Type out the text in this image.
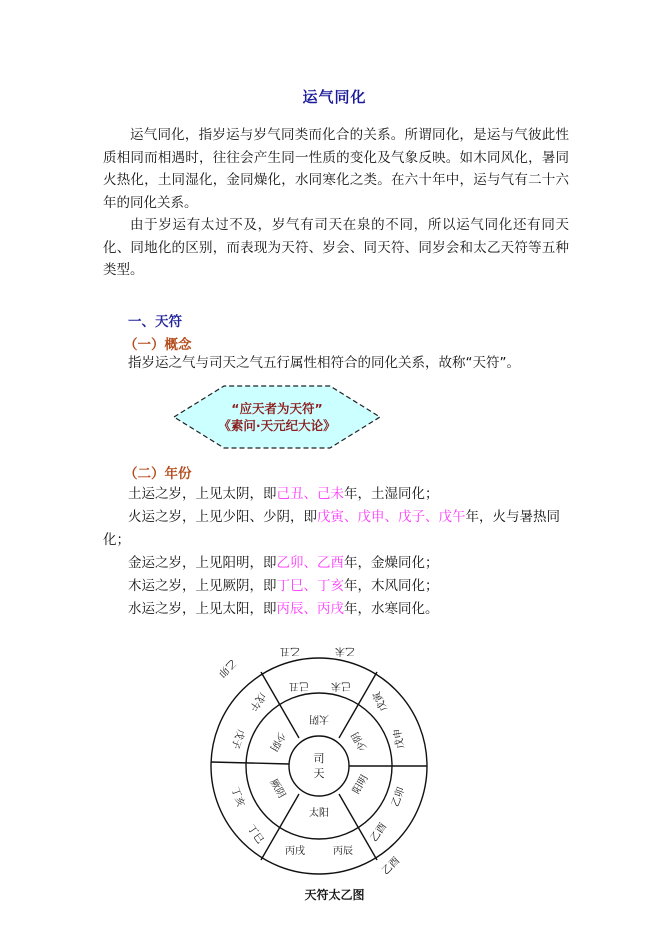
运气同化

运气同化，指岁运与岁气同类而化合的关系。所谓同化，是运与气彼此性质相同而相遇时，往往会产生同一性质的变化及气象反映。如木同风化，暑同火热化，土同湿化，金同燥化，水同寒化之类。在六十年中，运与气有二十六年的同化关系。

由于岁运有太过不及，岁气有司天在泉的不同，所以运气同化还有同天化、同地化的区别，而表现为天符、岁会、同天符、同岁会和太乙天符等五种类型。

一、天符
（一）概念
指岁运之气与司天之气五行属性相符合的同化关系，故称“天符”。
“应天者为天符”
《素问·天元纪大论》
（二）年份
土运之岁，上见太阴，即己丑、己未年，土湿同化；
火运之岁，上见少阳、少阴，即戊寅、戊申、戊子、戊午年，火与暑热同
化；
金运之岁，上见阳明，即乙卯、乙酉年，金燥同化；
木运之岁，上见厥阴，即丁巳、丁亥年，木风同化；
水运之岁，上见太阳，即丙辰、丙戌年，水寒同化。
司
天
太阴
少阴
阳明
太阳
厥阴
少阴
己丑 己未
戊寅
戊申
乙卯
乙酉
丙辰
丙戌
丁巳
丁亥
戊子
戊午
乙丑	乙未
乙卯
乙酉
天符太乙图
